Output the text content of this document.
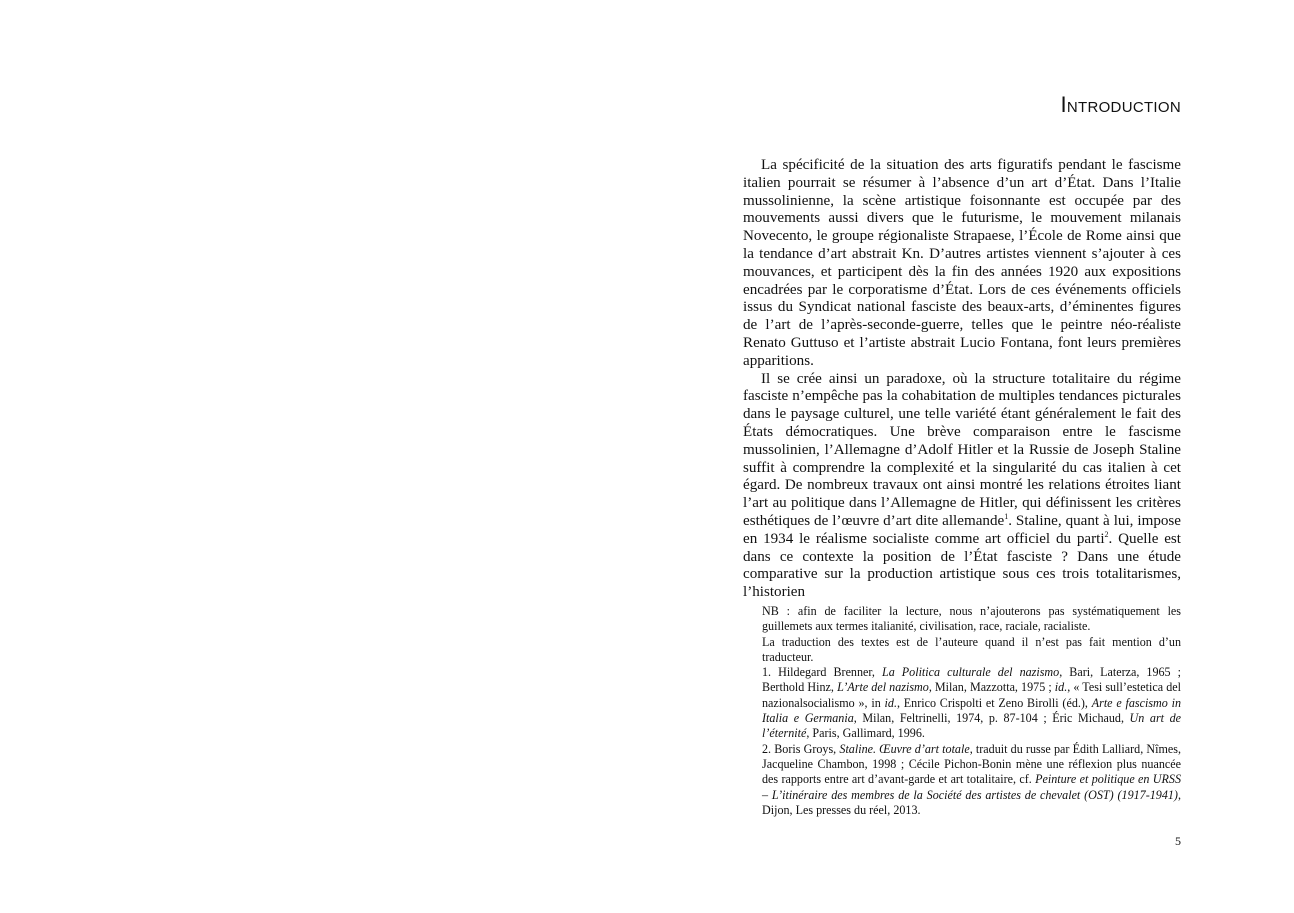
Introduction

La spécificité de la situation des arts figuratifs pendant le fascisme italien pourrait se résumer à l’absence d’un art d’État. Dans l’Italie mussolinienne, la scène artistique foisonnante est occupée par des mouvements aussi divers que le futurisme, le mouvement milanais Novecento, le groupe régionaliste Strapaese, l’École de Rome ainsi que la tendance d’art abstrait Kn. D’autres artistes viennent s’ajouter à ces mouvances, et participent dès la fin des années 1920 aux expositions encadrées par le corporatisme d’État. Lors de ces événements officiels issus du Syndicat national fasciste des beaux-arts, d’éminentes figures de l’art de l’après-seconde-guerre, telles que le peintre néo-réaliste Renato Guttuso et l’artiste abstrait Lucio Fontana, font leurs premières apparitions.

Il se crée ainsi un paradoxe, où la structure totalitaire du régime fasciste n’empêche pas la cohabitation de multiples tendances picturales dans le paysage culturel, une telle variété étant généralement le fait des États démocratiques. Une brève comparaison entre le fascisme mussolinien, l’Allemagne d’Adolf Hitler et la Russie de Joseph Staline suffit à comprendre la complexité et la singularité du cas italien à cet égard. De nombreux travaux ont ainsi montré les relations étroites liant l’art au politique dans l’Allemagne de Hitler, qui définissent les critères esthétiques de l’œuvre d’art dite allemande$^1$. Staline, quant à lui, impose en 1934 le réalisme socialiste comme art officiel du parti$^2$. Quelle est dans ce contexte la position de l’État fasciste ? Dans une étude comparative sur la production artistique sous ces trois totalitarismes, l’historien

NB : afin de faciliter la lecture, nous n’ajouterons pas systématiquement les guillemets aux termes italianité, civilisation, race, raciale, racialiste.

La traduction des textes est de l’auteure quand il n’est pas fait mention d’un traducteur.

1. Hildegard Brenner, La Politica culturale del nazismo, Bari, Laterza, 1965 ; Berthold Hinz, L’Arte del nazismo, Milan, Mazzotta, 1975 ; id., « Tesi sull’estetica del nazionalsocialismo », in id., Enrico Crispolti et Zeno Birolli (éd.), Arte e fascismo in Italia e Germania, Milan, Feltrinelli, 1974, p. 87-104 ; Éric Michaud, Un art de l’éternité, Paris, Gallimard, 1996.

2. Boris Groys, Staline. Œuvre d’art totale, traduit du russe par Édith Lalliard, Nîmes, Jacqueline Chambon, 1998 ; Cécile Pichon-Bonin mène une réflexion plus nuancée des rapports entre art d’avant-garde et art totalitaire, cf. Peinture et politique en URSS – L’itinéraire des membres de la Société des artistes de chevalet (OST) (1917-1941), Dijon, Les presses du réel, 2013.

5
